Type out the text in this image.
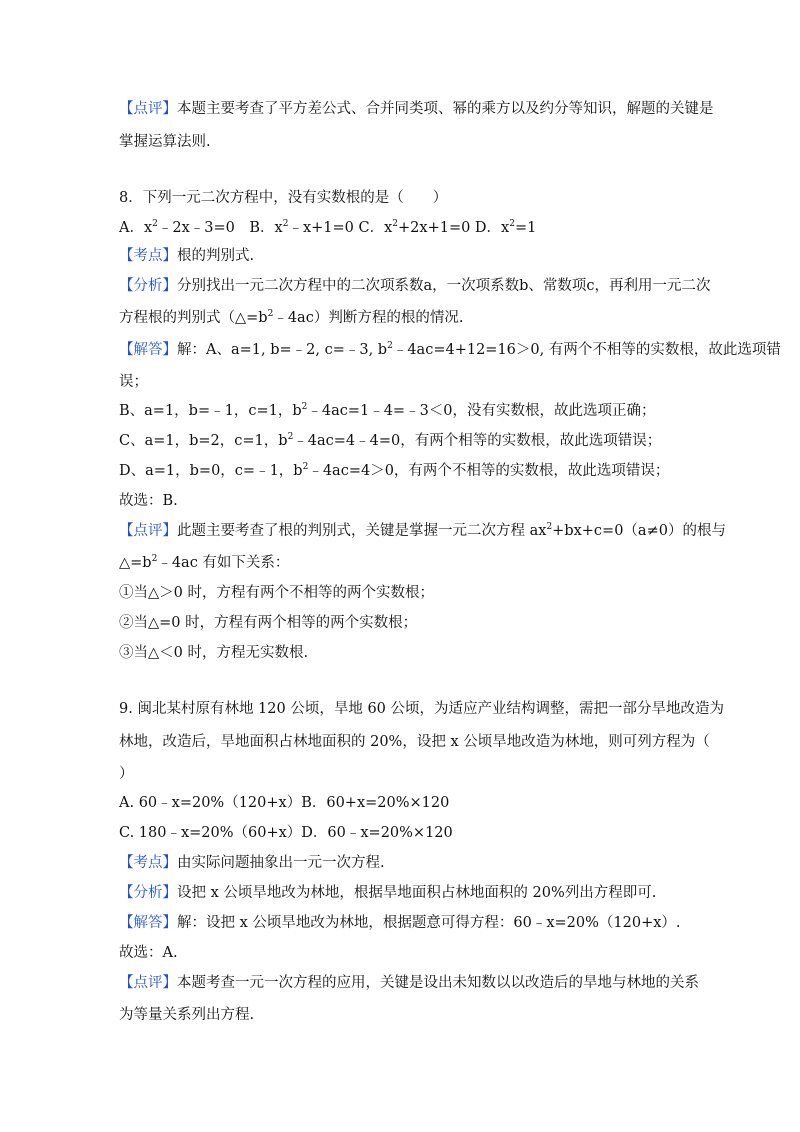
【点评】本题主要考查了平方差公式、合并同类项、幂的乘方以及约分等知识，解题的关键是
掌握运算法则.
8．下列一元二次方程中，没有实数根的是（　　）
A．$x^2﹣2x﹣3=0$　B．$x^2﹣x+1=0$ C．$x^2+2x+1=0$ D．$x^2=1$
【考点】根的判别式.
【分析】分别找出一元二次方程中的二次项系数a，一次项系数b、常数项c，再利用一元二次
方程根的判别式$(\triangle=b^2﹣4ac)$判断方程的根的情况.
【解答】解：A、a=1, b=﹣2, c=﹣3, $b^2﹣4ac=4+12=16>0$, 有两个不相等的实数根，故此选项错
误；
B、a=1，b=﹣1，c=1，$b^2﹣4ac=1﹣4=﹣3<0$，没有实数根，故此选项正确；
C、a=1，b=2，c=1，$b^2﹣4ac=4﹣4=0$，有两个相等的实数根，故此选项错误；
D、a=1，b=0，c=﹣1，$b^2﹣4ac=4>0$，有两个不相等的实数根，故此选项错误；
故选：B.
【点评】此题主要考查了根的判别式，关键是掌握一元二次方程 $ax^2+bx+c=0(a\ne 0)$的根与
$\triangle=b^2﹣4ac$ 有如下关系：
①当△＞0 时，方程有两个不相等的两个实数根；
②当△=0 时，方程有两个相等的两个实数根；
③当△＜0 时，方程无实数根.
9. 闽北某村原有林地 120 公顷，旱地 60 公顷，为适应产业结构调整，需把一部分旱地改造为
林地，改造后，旱地面积占林地面积的 20%，设把 x 公顷旱地改造为林地，则可列方程为（
）
A. 60﹣x=20%（120+x）B．60+x=20%×120
C. 180﹣x=20%（60+x）D．60﹣x=20%×120
【考点】由实际问题抽象出一元一次方程.
【分析】设把 x 公顷旱地改为林地，根据旱地面积占林地面积的 20%列出方程即可.
【解答】解：设把 x 公顷旱地改为林地，根据题意可得方程：60﹣x=20%（120+x）.
故选：A.
【点评】本题考查一元一次方程的应用，关键是设出未知数以以改造后的旱地与林地的关系
为等量关系列出方程.
